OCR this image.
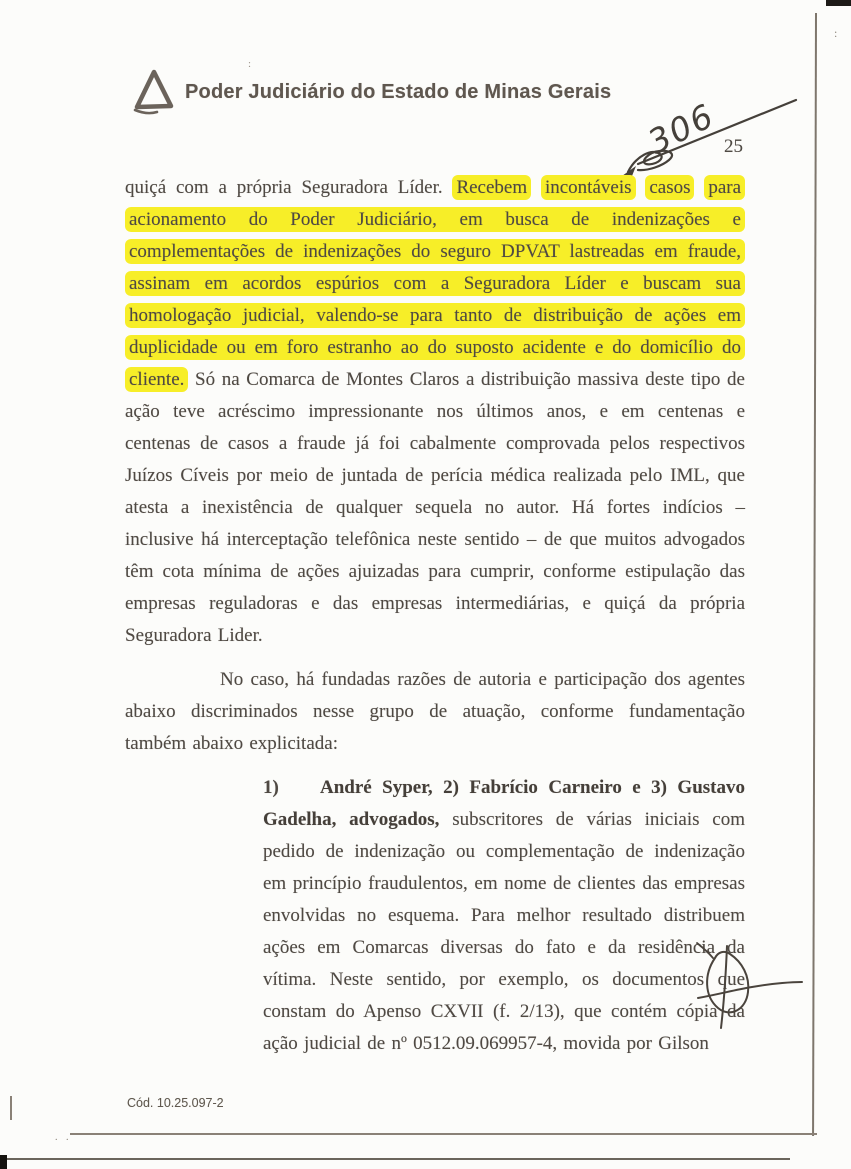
Poder Judiciário do Estado de Minas Gerais
306 25

quiçá com a própria Seguradora Líder. Recebem incontáveis casos para acionamento do Poder Judiciário, em busca de indenizações e complementações de indenizações do seguro DPVAT lastreadas em fraude, assinam em acordos espúrios com a Seguradora Líder e buscam sua homologação judicial, valendo-se para tanto de distribuição de ações em duplicidade ou em foro estranho ao do suposto acidente e do domicílio do cliente. Só na Comarca de Montes Claros a distribuição massiva deste tipo de ação teve acréscimo impressionante nos últimos anos, e em centenas e centenas de casos a fraude já foi cabalmente comprovada pelos respectivos Juízos Cíveis por meio de juntada de perícia médica realizada pelo IML, que atesta a inexistência de qualquer sequela no autor. Há fortes indícios – inclusive há interceptação telefônica neste sentido – de que muitos advogados têm cota mínima de ações ajuizadas para cumprir, conforme estipulação das empresas reguladoras e das empresas intermediárias, e quiçá da própria Seguradora Lider.

No caso, há fundadas razões de autoria e participação dos agentes abaixo discriminados nesse grupo de atuação, conforme fundamentação também abaixo explicitada:

1) André Syper, 2) Fabrício Carneiro e 3) Gustavo Gadelha, advogados, subscritores de várias iniciais com pedido de indenização ou complementação de indenização em princípio fraudulentos, em nome de clientes das empresas envolvidas no esquema. Para melhor resultado distribuem ações em Comarcas diversas do fato e da residência da vítima. Neste sentido, por exemplo, os documentos que constam do Apenso CXVII (f. 2/13), que contém cópia da ação judicial de nº 0512.09.069957-4, movida por Gilson

Cód. 10.25.097-2
. .
:
:
